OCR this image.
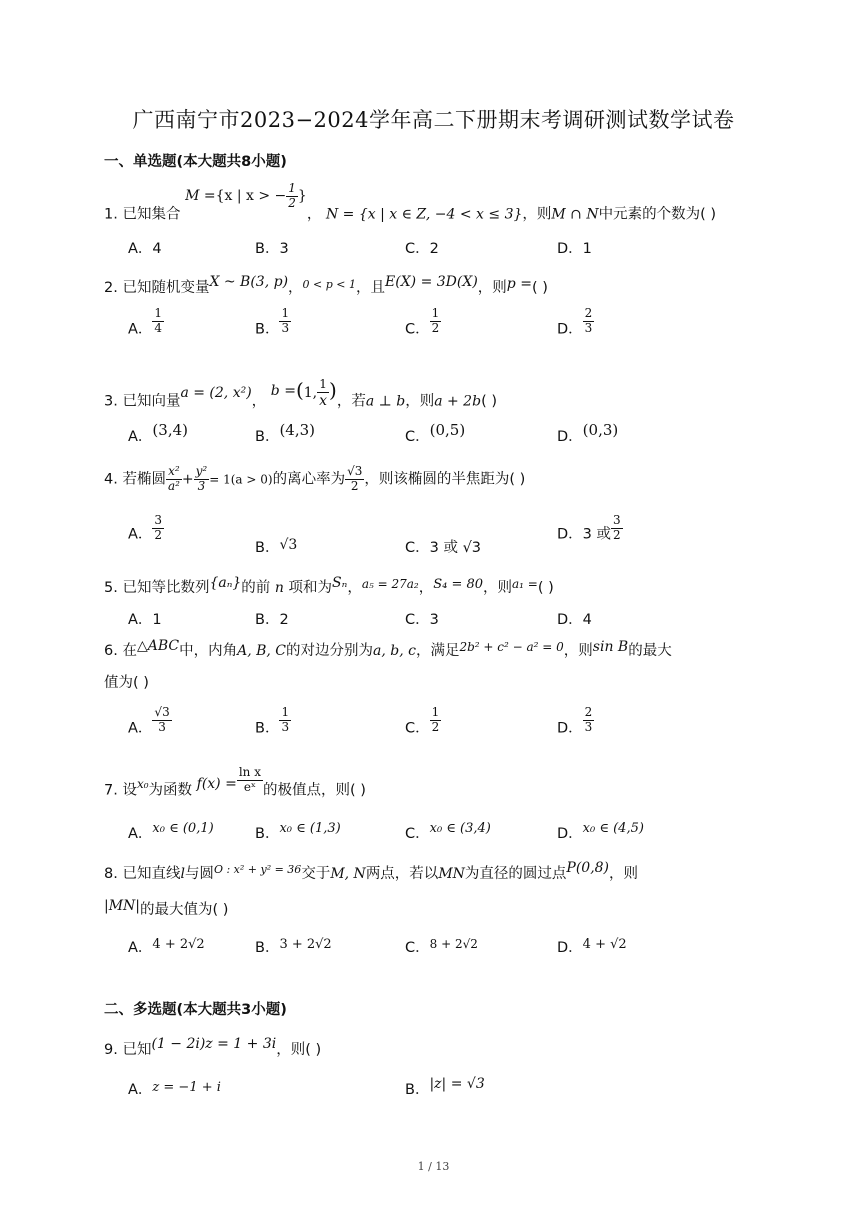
广西南宁市2023−2024学年高二下册期末考调研测试数学试卷
一、单选题(本大题共8小题)
1. 已知集合 M ={x | x > − $\frac{1}{2}$ }， N = {x | x ∈ Z, −4 < x ≤ 3}，则M ∩ N中元素的个数为( )
A．4	B．3	C．2	D．1
2. 已知随机变量X ~ B(3, p)，$^{0 < p < 1}$，且E(X) = 3D(X)，则p =( )
A． $\frac{1}{4}$	B． $\frac{1}{3}$	C． $\frac{1}{2}$	D． $\frac{2}{3}$
3. 已知向量a = (2, x²)， b =(1, $\frac{1}{x}$ )，若a ⊥ b，则a + 2b( )
A．(3,4)	B．(4,3)	C．(0,5)	D．(0,3)
4. 若椭圆 $\frac{\text{x²}}{\text{a²}} + \frac{\text{y²}}{3} = 1(a > 0)$的离心率为 $\frac{√3}{2}$ ，则该椭圆的半焦距为( )
A． $\frac{3}{2}$
B．√3	C．3 或 √3
D．3 或 $\frac{3}{2}$
5. 已知等比数列{aₙ}的前 n 项和为Sₙ，$^{a_5 = 27a_2}$，S₄ = 80，则$^{a_1 =}$( )
A．1	B．2	C．3	D．4
6. 在△ABC中，内角A, B, C的对边分别为a, b, c，满足$^{2b^2 + c^2 - a^2 = 0}$，则sin B的最大
值为( )
A． $\frac{√3}{3}$	B． $\frac{1}{3}$	C． $\frac{1}{2}$	D． $\frac{2}{3}$
7. 设$^{x_0}$为函数 $f(x) = \frac{\text{ln x}}{\text{eˣ}}$ 的极值点，则( )
A．x₀ ∈ (0,1)	B．x₀ ∈ (1,3)	C．x₀ ∈ (3,4)	D．x₀ ∈ (4,5)
8. 已知直线l与圆$^{O : x^2 + y^2 = 36}$交于M, N两点，若以MN为直径的圆过点P(0,8)，则
|MN|的最大值为( )
A．4 + 2√2	B．3 + 2√2	C．$^{8 + 2√2}$	D．4 + √2
二、多选题(本大题共3小题)
9. 已知(1 − 2i)z = 1 + 3i，则( )
A．z = −1 + i	B．|z| = √3
1 / 13
